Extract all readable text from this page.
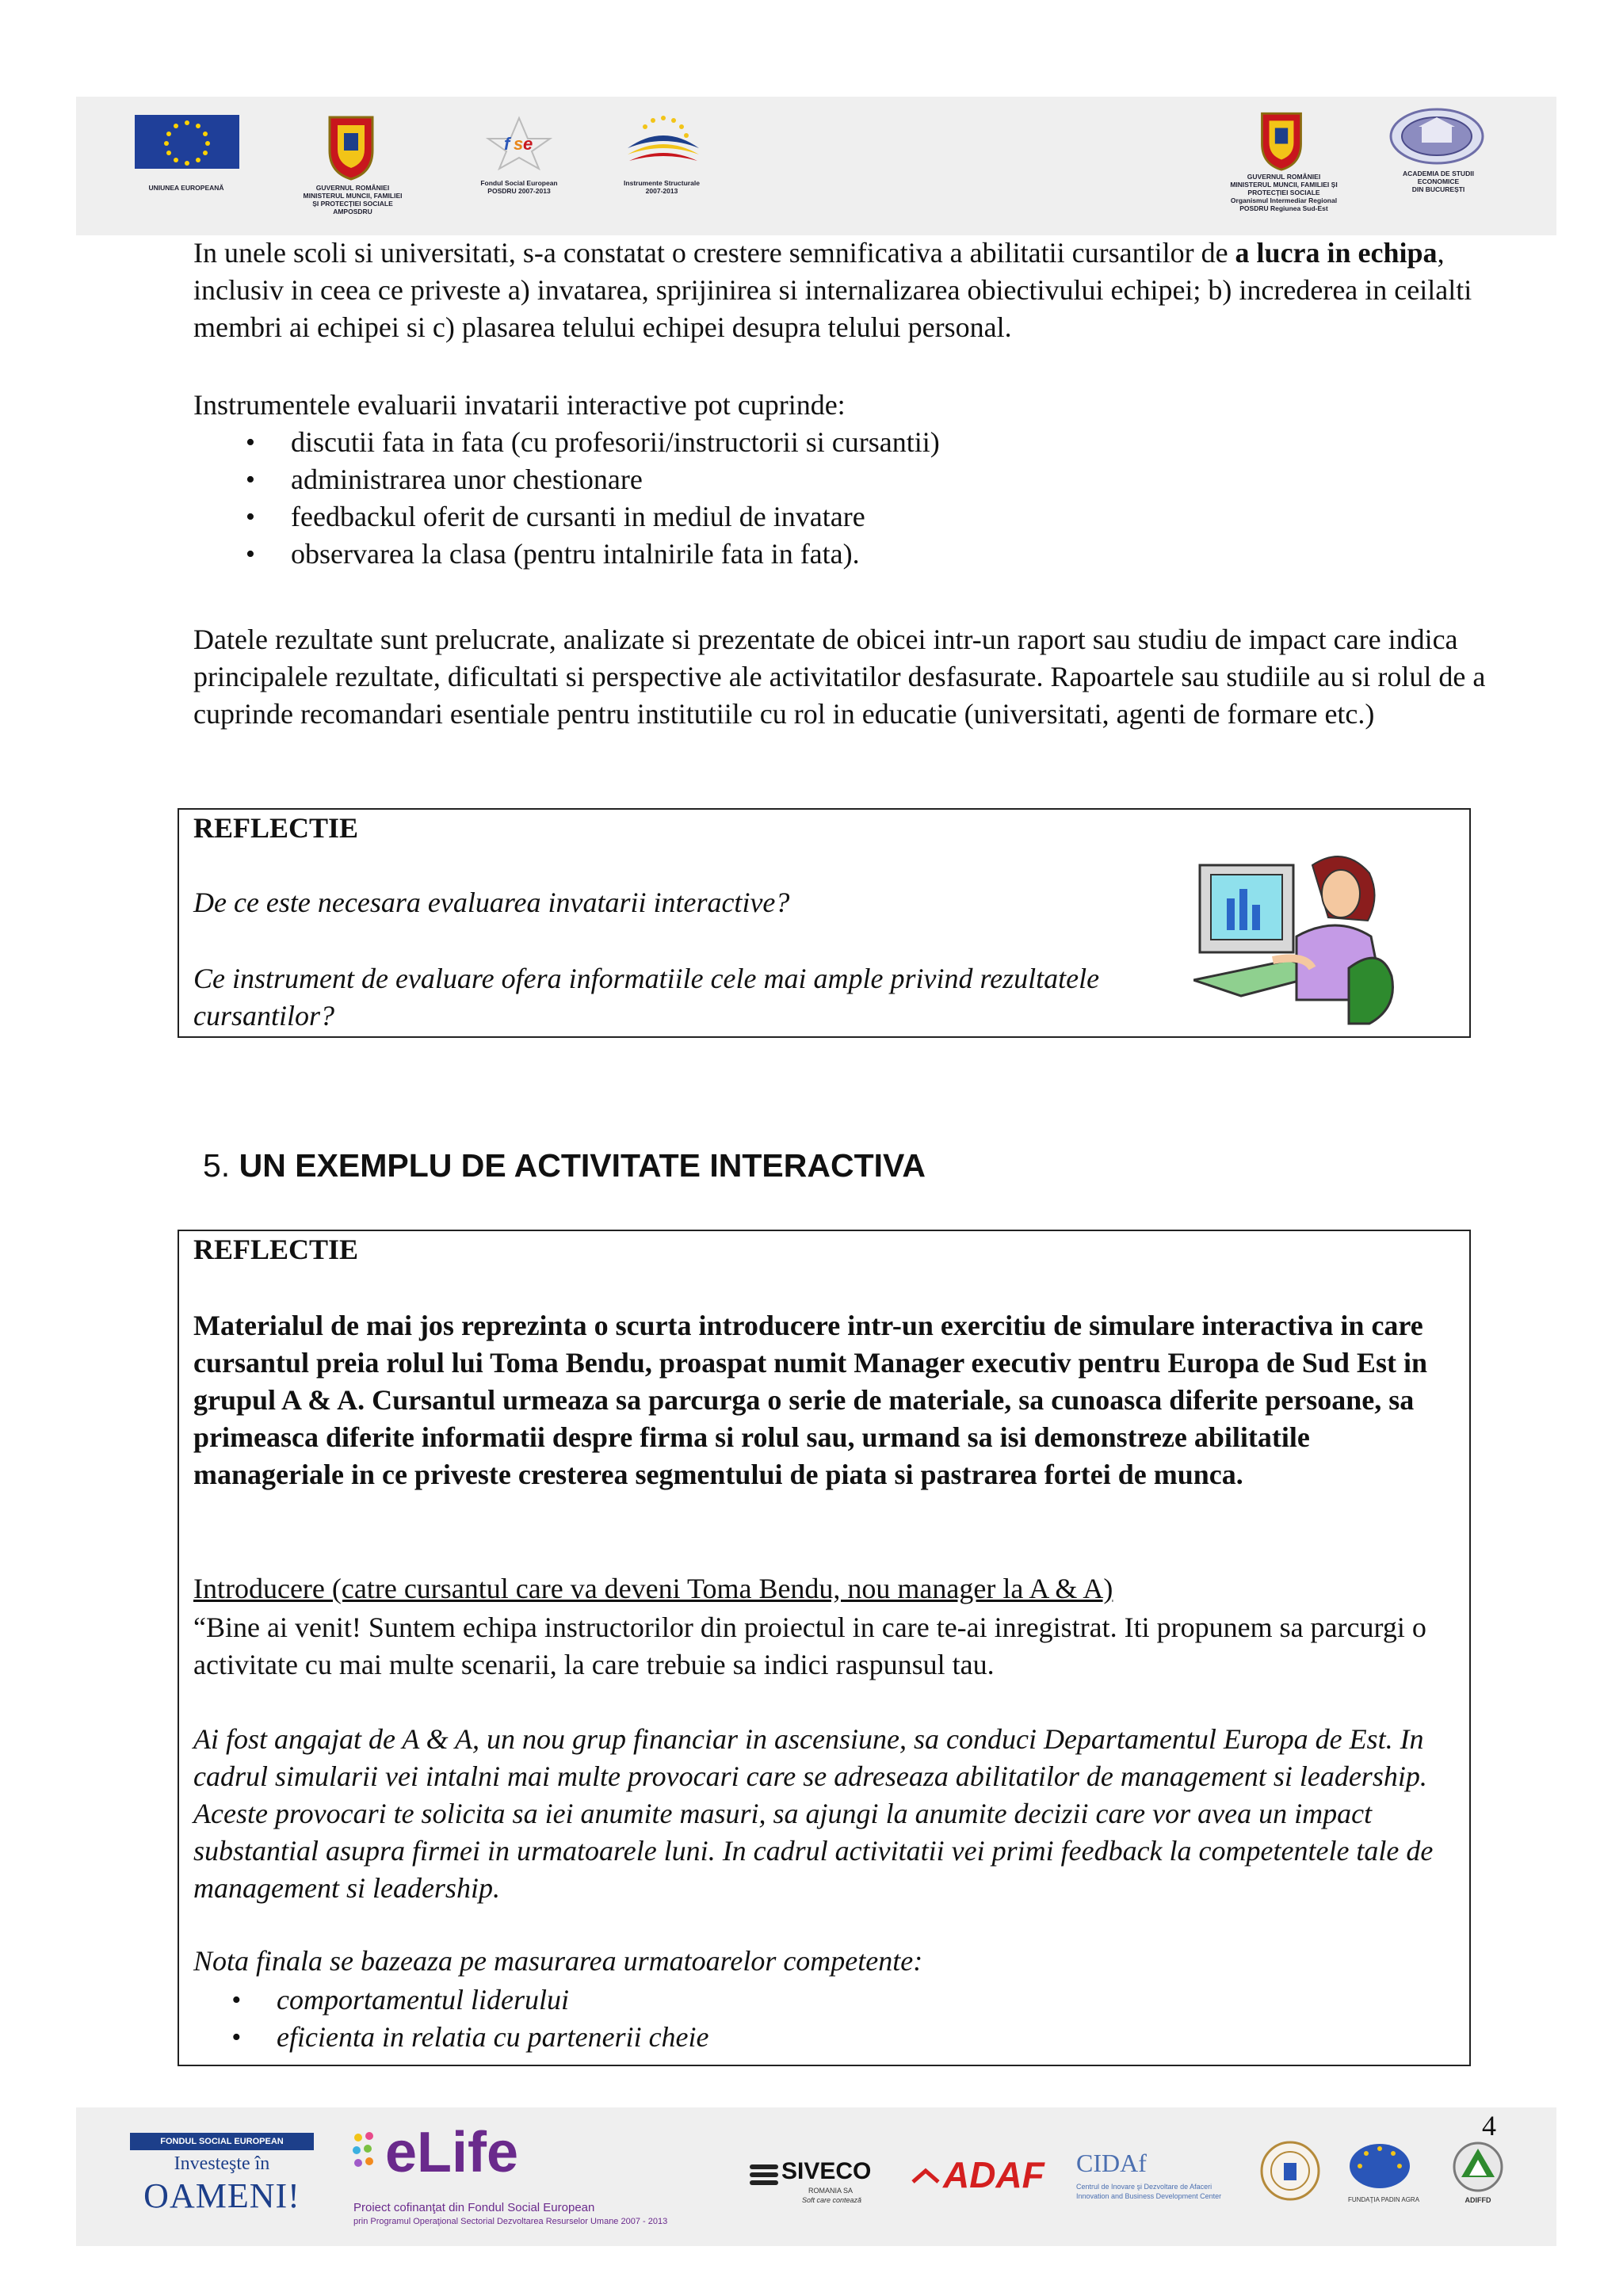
UNIUNEA EUROPEANĂ	GUVERNUL ROMÂNIEI
MINISTERUL MUNCII, FAMILIEI
ȘI PROTECȚIEI SOCIALE
AMPOSDRU
f s e
Fondul Social European
POSDRU 2007-2013
Instrumente Structurale
2007-2013
GUVERNUL ROMÂNIEI
MINISTERUL MUNCII, FAMILIEI ȘI
PROTECȚIEI SOCIALE
Organismul Intermediar Regional
POSDRU Regiunea Sud-Est
ACADEMIA DE STUDII
ECONOMICE
DIN BUCUREȘTI
In unele scoli si universitati, s-a constatat o crestere semnificativa a abilitatii cursantilor de a lucra in echipa, inclusiv in ceea ce priveste a) invatarea, sprijinirea si internalizarea obiectivului echipei; b) increderea in ceilalti membri ai echipei si c) plasarea telului echipei desupra telului personal.
Instrumentele evaluarii invatarii interactive pot cuprinde:
• discutii fata in fata (cu profesorii/instructorii si cursantii)
• administrarea unor chestionare
• feedbackul oferit de cursanti in mediul de invatare
• observarea la clasa (pentru intalnirile fata in fata).
Datele rezultate sunt prelucrate, analizate si prezentate de obicei intr-un raport sau studiu de impact care indica principalele rezultate, dificultati si perspective ale activitatilor desfasurate. Rapoartele sau studiile au si rolul de a cuprinde recomandari esentiale pentru institutiile cu rol in educatie (universitati, agenti de formare etc.)
REFLECTIE
De ce este necesara evaluarea invatarii interactive?
Ce instrument de evaluare ofera informatiile cele mai ample privind rezultatele cursantilor?
5. UN EXEMPLU DE ACTIVITATE INTERACTIVA
REFLECTIE
Materialul de mai jos reprezinta o scurta introducere intr-un exercitiu de simulare interactiva in care cursantul preia rolul lui Toma Bendu, proaspat numit Manager executiv pentru Europa de Sud Est in grupul A & A. Cursantul urmeaza sa parcurga o serie de materiale, sa cunoasca diferite persoane, sa primeasca diferite informatii despre firma si rolul sau, urmand sa isi demonstreze abilitatile manageriale in ce priveste cresterea segmentului de piata si pastrarea fortei de munca.
Introducere (catre cursantul care va deveni Toma Bendu, nou manager la A & A)
“Bine ai venit! Suntem echipa instructorilor din proiectul in care te-ai inregistrat. Iti propunem sa parcurgi o activitate cu mai multe scenarii, la care trebuie sa indici raspunsul tau.
Ai fost angajat de A & A, un nou grup financiar in ascensiune, sa conduci Departamentul Europa de Est. In cadrul simularii vei intalni mai multe provocari care se adreseaza abilitatilor de management si leadership. Aceste provocari te solicita sa iei anumite masuri, sa ajungi la anumite decizii care vor avea un impact substantial asupra firmei in urmatoarele luni. In cadrul activitatii vei primi feedback la competentele tale de management si leadership.
Nota finala se bazeaza pe masurarea urmatoarelor competente:
• comportamentul liderului
• eficienta in relatia cu partenerii cheie
4
FONDUL SOCIAL EUROPEAN
Investeşte în
OAMENI!
eLife
Proiect cofinanţat din Fondul Social European
prin Programul Operaţional Sectorial Dezvoltarea Resurselor Umane 2007 - 2013
SIVECO
ROMANIA SA
Soft care contează
ADAF CIDAf
Centrul de Inovare şi Dezvoltare de Afaceri
Innovation and Business Development Center	FUNDAŢIA PADIN AGRA	ADIFFD
